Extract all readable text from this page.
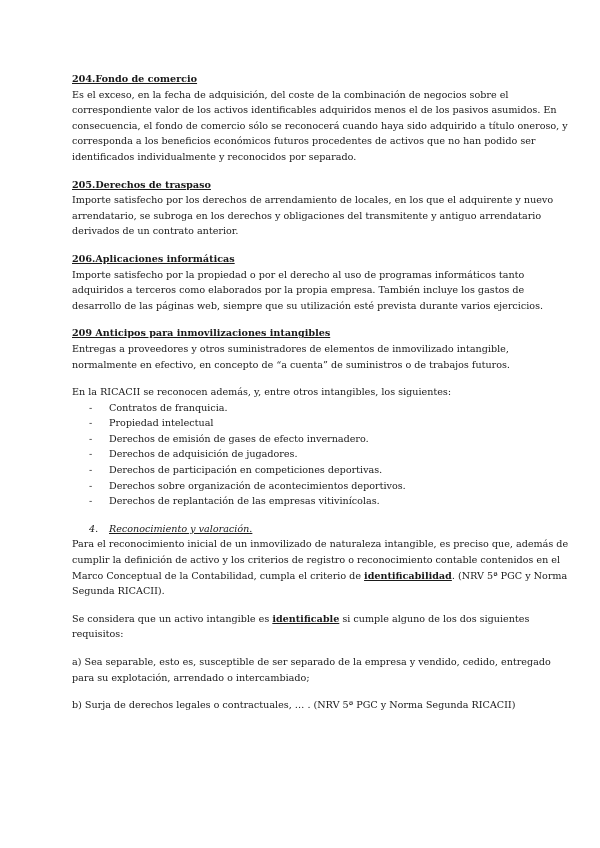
204.Fondo de comercio

Es el exceso, en la fecha de adquisición, del coste de la combinación de negocios sobre el correspondiente valor de los activos identificables adquiridos menos el de los pasivos asumidos. En consecuencia, el fondo de comercio sólo se reconocerá cuando haya sido adquirido a título oneroso, y corresponda a los beneficios económicos futuros procedentes de activos que no han podido ser identificados individualmente y reconocidos por separado.

205.Derechos de traspaso

Importe satisfecho por los derechos de arrendamiento de locales, en los que el adquirente y nuevo arrendatario, se subroga en los derechos y obligaciones del transmitente y antiguo arrendatario derivados de un contrato anterior.

206.Aplicaciones informáticas

Importe satisfecho por la propiedad o por el derecho al uso de programas informáticos tanto adquiridos a terceros como elaborados por la propia empresa. También incluye los gastos de desarrollo de las páginas web, siempre que su utilización esté prevista durante varios ejercicios.

209 Anticipos para inmovilizaciones intangibles

Entregas a proveedores y otros suministradores de elementos de inmovilizado intangible, normalmente en efectivo, en concepto de “a cuenta” de suministros o de trabajos futuros.

En la RICACII se reconocen además, y, entre otros intangibles, los siguientes:

- Contratos de franquicia.
- Propiedad intelectual
- Derechos de emisión de gases de efecto invernadero.
- Derechos de adquisición de jugadores.
- Derechos de participación en competiciones deportivas.
- Derechos sobre organización de acontecimientos deportivos.
- Derechos de replantación de las empresas vitivinícolas.

4. Reconocimiento y valoración.

Para el reconocimiento inicial de un inmovilizado de naturaleza intangible, es preciso que, además de cumplir la definición de activo y los criterios de registro o reconocimiento contable contenidos en el Marco Conceptual de la Contabilidad, cumpla el criterio de identificabilidad. (NRV 5ª PGC y Norma Segunda RICACII).

Se considera que un activo intangible es identificable si cumple alguno de los dos siguientes requisitos:

a) Sea separable, esto es, susceptible de ser separado de la empresa y vendido, cedido, entregado para su explotación, arrendado o intercambiado;

b) Surja de derechos legales o contractuales, … . (NRV 5ª PGC y Norma Segunda RICACII)
